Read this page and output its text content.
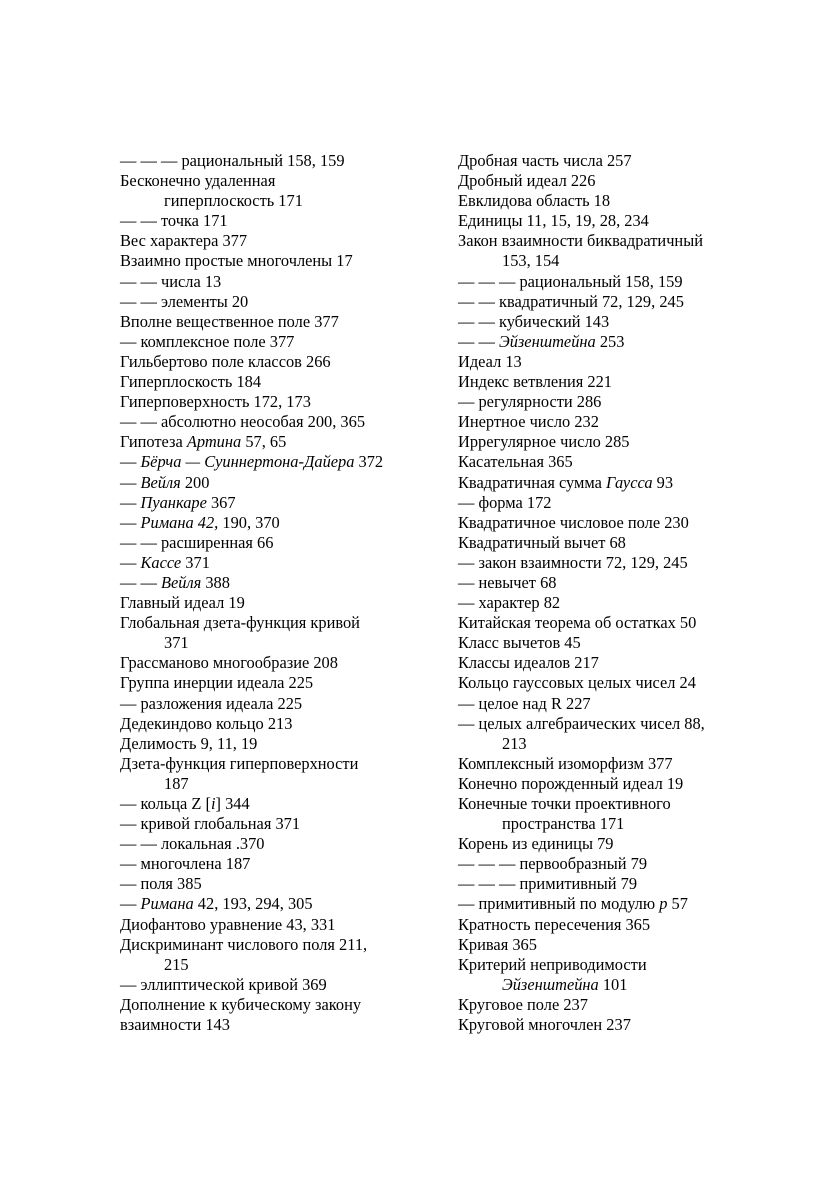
— — — рациональный 158, 159
Бесконечно удаленная
гиперплоскость 171
— — точка 171
Вес характера 377
Взаимно простые многочлены 17
— — числа 13
— — элементы 20
Вполне вещественное поле 377
— комплексное поле 377
Гильбертово поле классов 266
Гиперплоскость 184
Гиперповерхность 172, 173
— — абсолютно неособая 200, 365
Гипотеза Артина 57, 65
— Бёрча — Суиннертона-Дайера 372
— Вейля 200
— Пуанкаре 367
— Римана 42, 190, 370
— — расширенная 66
— Кассе 371
— — Вейля 388
Главный идеал 19
Глобальная дзета-функция кривой
371
Грассманово многообразие 208
Группа инерции идеала 225
— разложения идеала 225
Дедекиндово кольцо 213
Делимость 9, 11, 19
Дзета-функция гиперповерхности
187
— кольца Z [i] 344
— кривой глобальная 371
— — локальная .370
— многочлена 187
— поля 385
— Римана 42, 193, 294, 305
Диофантово уравнение 43, 331
Дискриминант числового поля 211,
215
— эллиптической кривой 369
Дополнение к кубическому закону
взаимности 143
Дробная часть числа 257
Дробный идеал 226
Евклидова область 18
Единицы 11, 15, 19, 28, 234
Закон взаимности биквадратичный
153, 154
— — — рациональный 158, 159
— — квадратичный 72, 129, 245
— — кубический 143
— — Эйзенштейна 253
Идеал 13
Индекс ветвления 221
— регулярности 286
Инертное число 232
Иррегулярное число 285
Касательная 365
Квадратичная сумма Гаусса 93
— форма 172
Квадратичное числовое поле 230
Квадратичный вычет 68
— закон взаимности 72, 129, 245
— невычет 68
— характер 82
Китайская теорема об остатках 50
Класс вычетов 45
Классы идеалов 217
Кольцо гауссовых целых чисел 24
— целое над R 227
— целых алгебраических чисел 88,
213
Комплексный изоморфизм 377
Конечно порожденный идеал 19
Конечные точки проективного
пространства 171
Корень из единицы 79
— — — первообразный 79
— — — примитивный 79
— примитивный по модулю p 57
Кратность пересечения 365
Кривая 365
Критерий неприводимости
Эйзенштейна 101
Круговое поле 237
Круговой многочлен 237
